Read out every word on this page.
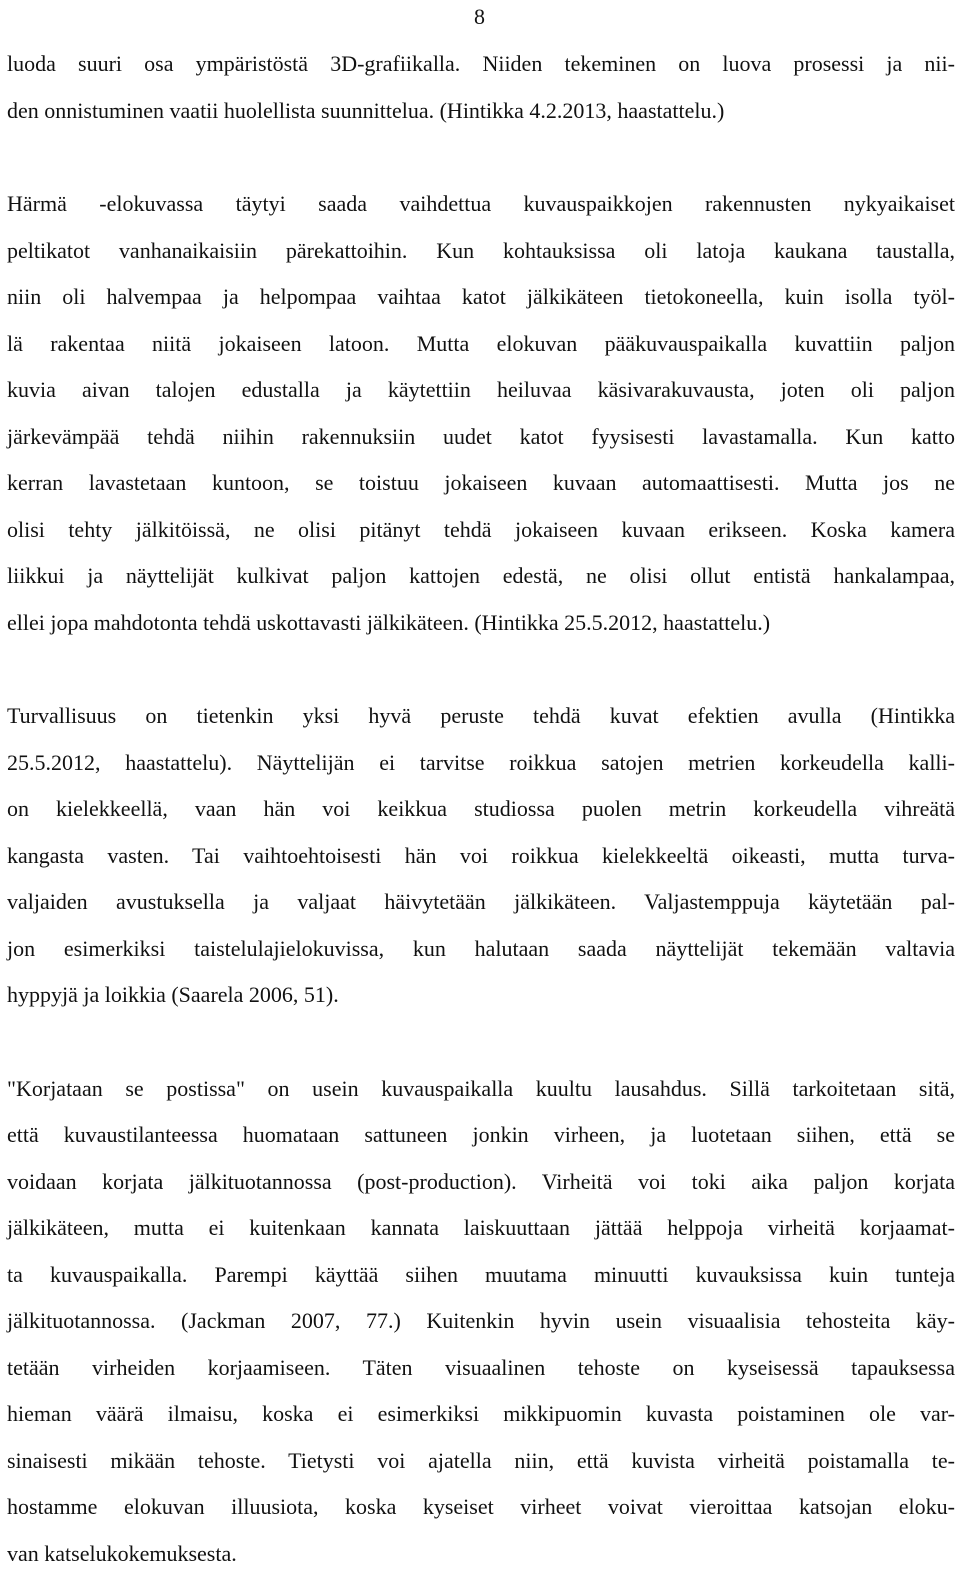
8

luoda suuri osa ympäristöstä 3D-grafiikalla. Niiden tekeminen on luova prosessi ja nii-
den onnistuminen vaatii huolellista suunnittelua. (Hintikka 4.2.2013, haastattelu.)

Härmä -elokuvassa täytyi saada vaihdettua kuvauspaikkojen rakennusten nykyaikaiset
peltikatot vanhanaikaisiin pärekattoihin. Kun kohtauksissa oli latoja kaukana taustalla,
niin oli halvempaa ja helpompaa vaihtaa katot jälkikäteen tietokoneella, kuin isolla työl-
lä rakentaa niitä jokaiseen latoon. Mutta elokuvan pääkuvauspaikalla kuvattiin paljon
kuvia aivan talojen edustalla ja käytettiin heiluvaa käsivarakuvausta, joten oli paljon
järkevämpää tehdä niihin rakennuksiin uudet katot fyysisesti lavastamalla. Kun katto
kerran lavastetaan kuntoon, se toistuu jokaiseen kuvaan automaattisesti. Mutta jos ne
olisi tehty jälkitöissä, ne olisi pitänyt tehdä jokaiseen kuvaan erikseen. Koska kamera
liikkui ja näyttelijät kulkivat paljon kattojen edestä, ne olisi ollut entistä hankalampaa,
ellei jopa mahdotonta tehdä uskottavasti jälkikäteen. (Hintikka 25.5.2012, haastattelu.)

Turvallisuus on tietenkin yksi hyvä peruste tehdä kuvat efektien avulla (Hintikka
25.5.2012, haastattelu). Näyttelijän ei tarvitse roikkua satojen metrien korkeudella kalli-
on kielekkeellä, vaan hän voi keikkua studiossa puolen metrin korkeudella vihreätä
kangasta vasten. Tai vaihtoehtoisesti hän voi roikkua kielekkeeltä oikeasti, mutta turva-
valjaiden avustuksella ja valjaat häivytetään jälkikäteen. Valjastemppuja käytetään pal-
jon esimerkiksi taistelulajielokuvissa, kun halutaan saada näyttelijät tekemään valtavia
hyppyjä ja loikkia (Saarela 2006, 51).

"Korjataan se postissa" on usein kuvauspaikalla kuultu lausahdus. Sillä tarkoitetaan sitä,
että kuvaustilanteessa huomataan sattuneen jonkin virheen, ja luotetaan siihen, että se
voidaan korjata jälkituotannossa (post-production). Virheitä voi toki aika paljon korjata
jälkikäteen, mutta ei kuitenkaan kannata laiskuuttaan jättää helppoja virheitä korjaamat-
ta kuvauspaikalla. Parempi käyttää siihen muutama minuutti kuvauksissa kuin tunteja
jälkituotannossa. (Jackman 2007, 77.) Kuitenkin hyvin usein visuaalisia tehosteita käy-
tetään virheiden korjaamiseen. Täten visuaalinen tehoste on kyseisessä tapauksessa
hieman väärä ilmaisu, koska ei esimerkiksi mikkipuomin kuvasta poistaminen ole var-
sinaisesti mikään tehoste. Tietysti voi ajatella niin, että kuvista virheitä poistamalla te-
hostamme elokuvan illuusiota, koska kyseiset virheet voivat vieroittaa katsojan eloku-
van katselukokemuksesta.
